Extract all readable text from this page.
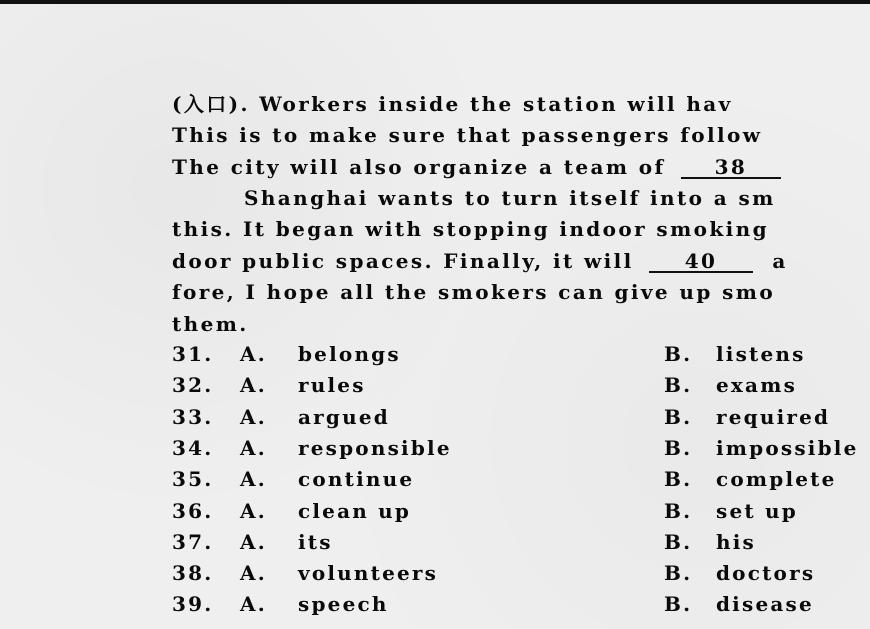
(入口). Workers inside the station will hav
This is to make sure that passengers follow
The city will also organize a team of 38
Shanghai wants to turn itself into a sm
this. It began with stopping indoor smoking
door public spaces. Finally, it will	40	a
fore, I hope all the smokers can give up smo
them.
31. A. belongs	B. listens
32. A. rules	B. exams
33. A. argued	B. required
34. A. responsible	B. impossible
35. A. continue	B. complete
36. A. clean up	B. set up
37. A. its	B. his
38. A. volunteers	B. doctors
39. A. speech	B. disease
